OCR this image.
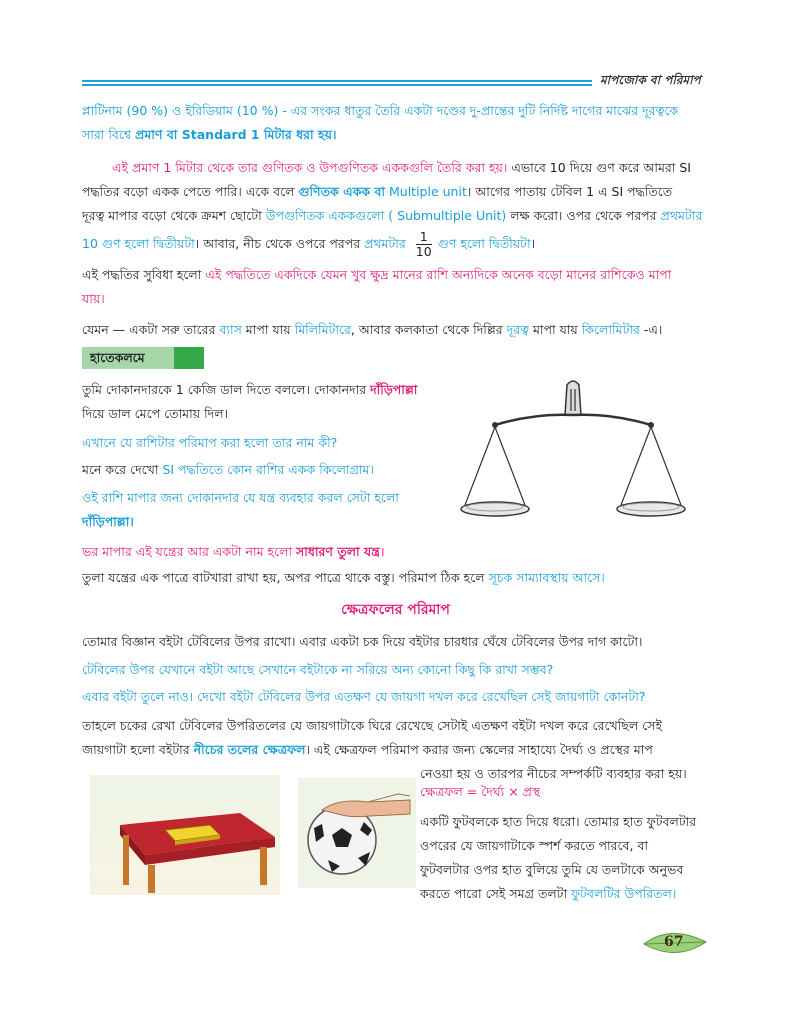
মাপজোক বা পরিমাপ

প্লাটিনাম (90 %) ও ইরিডিয়াম (10 %) - এর সংকর ধাতুর তৈরি একটা দণ্ডের দু-প্রান্তের দুটি নির্দিষ্ট দাগের মাঝের দূরত্বকে

সারা বিশ্বে প্রমাণ বা Standard 1 মিটার ধরা হয়।

এই প্রমাণ 1 মিটার থেকে তার গুণিতক ও উপগুণিতক এককগুলি তৈরি করা হয়। এভাবে 10 দিয়ে গুণ করে আমরা SI

পদ্ধতির বড়ো একক পেতে পারি। একে বলে গুণিতক একক বা Multiple unit। আগের পাতায় টেবিল 1 এ SI পদ্ধতিতে

দূরত্ব মাপার বড়ো থেকে ক্রমশ ছোটো উপগুণিতক এককগুলো ( Submultiple Unit) লক্ষ করো। ওপর থেকে পরপর প্রথমটার

10 গুণ হলো দ্বিতীয়টা। আবার, নীচ থেকে ওপরে পরপর প্রথমটার $\frac{1}{10}$ গুণ হলো দ্বিতীয়টা।

এই পদ্ধতির সুবিধা হলো এই পদ্ধতিতে একদিকে যেমন খুব ক্ষুদ্র মানের রাশি অন্যদিকে অনেক বড়ো মানের রাশিকেও মাপা

যায়।

যেমন — একটা সরু তারের ব্যাস মাপা যায় মিলিমিটারে, আবার কলকাতা থেকে দিল্লির দূরত্ব মাপা যায় কিলোমিটার -এ।

হাতেকলমে

তুমি দোকানদারকে 1 কেজি ডাল দিতে বললে। দোকানদার দাঁড়িপাল্লা

দিয়ে ডাল মেপে তোমায় দিল।

এখানে যে রাশিটার পরিমাপ করা হলো তার নাম কী?

মনে করে দেখো SI পদ্ধতিতে কোন রাশির একক কিলোগ্রাম।

ওই রাশি মাপার জন্য দোকানদার যে যন্ত্র ব্যবহার করল সেটা হলো

দাঁড়িপাল্লা।

ভর মাপার এই যন্ত্রের আর একটা নাম হলো সাধারণ তুলা যন্ত্র।

তুলা যন্ত্রের এক পাত্রে বাটখারা রাখা হয়, অপর পাত্রে থাকে বস্তু। পরিমাপ ঠিক হলে সূচক সাম্যাবস্থায় আসে।

ক্ষেত্রফলের পরিমাপ

তোমার বিজ্ঞান বইটা টেবিলের উপর রাখো। এবার একটা চক দিয়ে বইটার চারধার ঘেঁষে টেবিলের উপর দাগ কাটো।

টেবিলের উপর যেখানে বইটা আছে সেখানে বইটাকে না সরিয়ে অন্য কোনো কিছু কি রাখা সম্ভব?

এবার বইটা তুলে নাও। দেখো বইটা টেবিলের উপর এতক্ষণ যে জায়গা দখল করে রেখেছিল সেই জায়গাটা কোনটা?

তাহলে চকের রেখা টেবিলের উপরিতলের যে জায়গাটাকে ঘিরে রেখেছে সেটাই এতক্ষণ বইটা দখল করে রেখেছিল সেই

জায়গাটা হলো বইটার নীচের তলের ক্ষেত্রফল। এই ক্ষেত্রফল পরিমাপ করার জন্য স্কেলের সাহায্যে দৈর্ঘ্য ও প্রস্থের মাপ

নেওয়া হয় ও তারপর নীচের সম্পর্কটি ব্যবহার করা হয়।

ক্ষেত্রফল = দৈর্ঘ্য × প্রস্থ

একটি ফুটবলকে হাত দিয়ে ধরো। তোমার হাত ফুটবলটার

ওপরের যে জায়গাটাকে স্পর্শ করতে পারবে, বা

ফুটবলটার ওপর হাত বুলিয়ে তুমি যে তলটাকে অনুভব

করতে পারো সেই সমগ্র তলটা ফুটবলটির উপরিতল।

67
